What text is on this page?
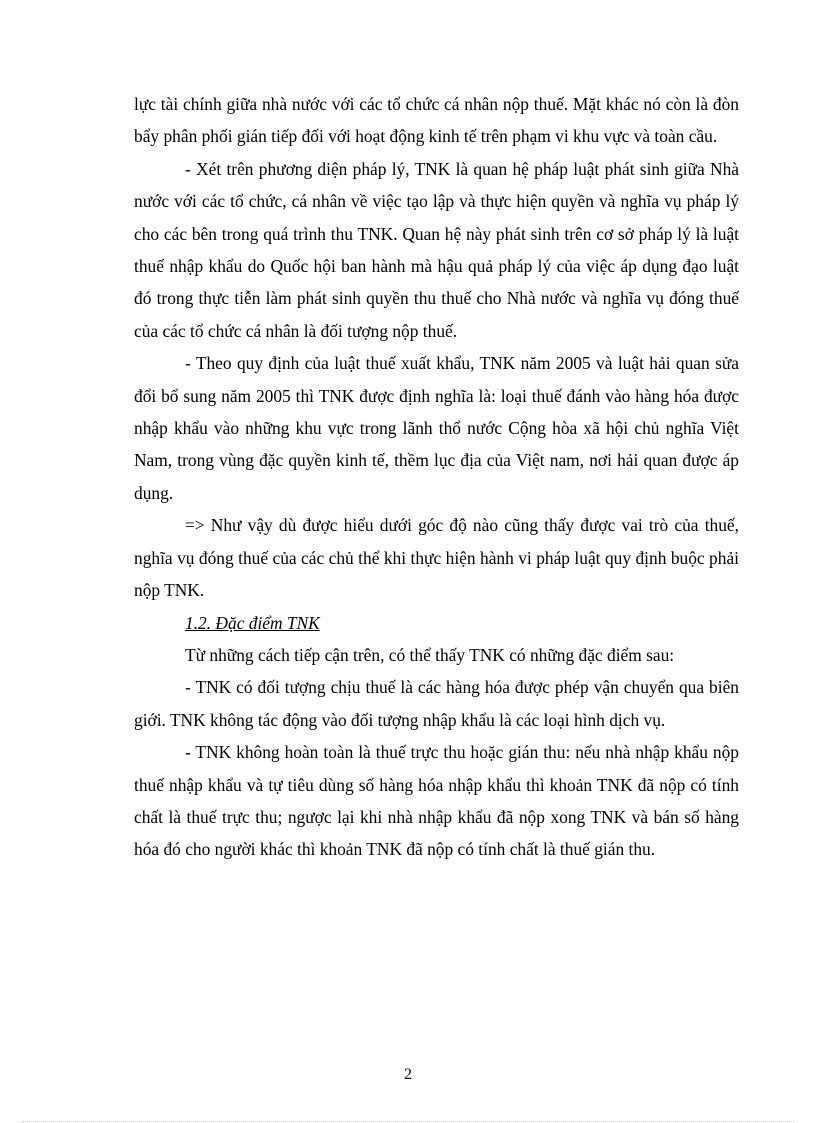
lực tài chính giữa nhà nước với các tổ chức cá nhân nộp thuế. Mặt khác nó còn là đòn bẩy phân phối gián tiếp đối với hoạt động kinh tế trên phạm vi khu vực và toàn cầu.

- Xét trên phương diện pháp lý, TNK là quan hệ pháp luật phát sinh giữa Nhà nước với các tổ chức, cá nhân về việc tạo lập và thực hiện quyền và nghĩa vụ pháp lý cho các bên trong quá trình thu TNK. Quan hệ này phát sinh trên cơ sở pháp lý là luật thuế nhập khẩu do Quốc hội ban hành mà hậu quả pháp lý của việc áp dụng đạo luật đó trong thực tiễn làm phát sinh quyền thu thuế cho Nhà nước và nghĩa vụ đóng thuế của các tổ chức cá nhân là đối tượng nộp thuế.

- Theo quy định của luật thuế xuất khẩu, TNK năm 2005 và luật hải quan sửa đổi bổ sung năm 2005 thì TNK được định nghĩa là: loại thuế đánh vào hàng hóa được nhập khẩu vào những khu vực trong lãnh thổ nước Cộng hòa xã hội chủ nghĩa Việt Nam, trong vùng đặc quyền kinh tế, thềm lục địa của Việt nam, nơi hải quan được áp dụng.

=> Như vậy dù được hiểu dưới góc độ nào cũng thấy được vai trò của thuế, nghĩa vụ đóng thuế của các chủ thể khi thực hiện hành vi pháp luật quy định buộc phải nộp TNK.

1.2. Đặc điểm TNK

Từ những cách tiếp cận trên, có thể thấy TNK có những đặc điểm sau:

- TNK có đối tượng chịu thuế là các hàng hóa được phép vận chuyển qua biên giới. TNK không tác động vào đối tượng nhập khẩu là các loại hình dịch vụ.

- TNK không hoàn toàn là thuế trực thu hoặc gián thu: nếu nhà nhập khẩu nộp thuế nhập khẩu và tự tiêu dùng số hàng hóa nhập khẩu thì khoản TNK đã nộp có tính chất là thuế trực thu; ngược lại khi nhà nhập khẩu đã nộp xong TNK và bán số hàng hóa đó cho người khác thì khoản TNK đã nộp có tính chất là thuế gián thu.

2
